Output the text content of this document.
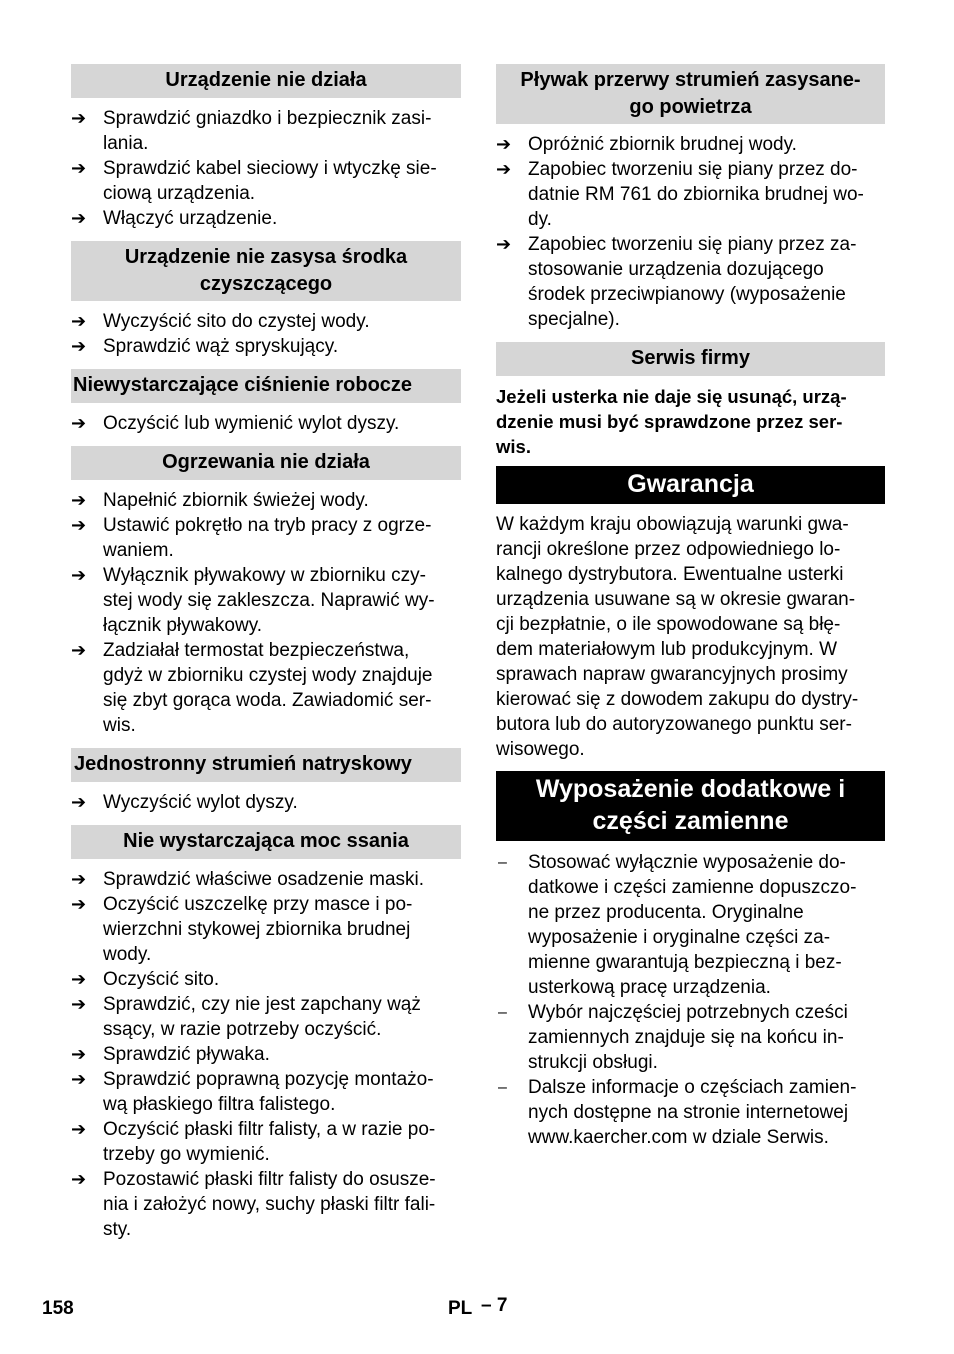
Urządzenie nie działa
➔ Sprawdzić gniazdko i bezpiecznik zasi-
lania.
➔ Sprawdzić kabel sieciowy i wtyczkę sie-
ciową urządzenia.
➔ Włączyć urządzenie.
Urządzenie nie zasysa środka
czyszczącego
➔ Wyczyścić sito do czystej wody.
➔ Sprawdzić wąż spryskujący.
Niewystarczające ciśnienie robocze
➔ Oczyścić lub wymienić wylot dyszy.
Ogrzewania nie działa
➔ Napełnić zbiornik świeżej wody.
➔ Ustawić pokrętło na tryb pracy z ogrze-
waniem.
➔ Wyłącznik pływakowy w zbiorniku czy-
stej wody się zakleszcza. Naprawić wy-
łącznik pływakowy.
➔ Zadziałał termostat bezpieczeństwa,
gdyż w zbiorniku czystej wody znajduje
się zbyt gorąca woda. Zawiadomić ser-
wis.
Jednostronny strumień natryskowy
➔ Wyczyścić wylot dyszy.
Nie wystarczająca moc ssania
➔ Sprawdzić właściwe osadzenie maski.
➔ Oczyścić uszczelkę przy masce i po-
wierzchni stykowej zbiornika brudnej
wody.
➔ Oczyścić sito.
➔ Sprawdzić, czy nie jest zapchany wąż
ssący, w razie potrzeby oczyścić.
➔ Sprawdzić pływaka.
➔ Sprawdzić poprawną pozycję montażo-
wą płaskiego filtra falistego.
➔ Oczyścić płaski filtr falisty, a w razie po-
trzeby go wymienić.
➔ Pozostawić płaski filtr falisty do osusze-
nia i założyć nowy, suchy płaski filtr fali-
sty.
Pływak przerwy strumień zasysane-
go powietrza
➔ Opróżnić zbiornik brudnej wody.
➔ Zapobiec tworzeniu się piany przez do-
datnie RM 761 do zbiornika brudnej wo-
dy.
➔ Zapobiec tworzeniu się piany przez za-
stosowanie urządzenia dozującego
środek przeciwpianowy (wyposażenie
specjalne).
Serwis firmy
Jeżeli usterka nie daje się usunąć, urzą-
dzenie musi być sprawdzone przez ser-
wis.
Gwarancja
W każdym kraju obowiązują warunki gwa-
rancji określone przez odpowiedniego lo-
kalnego dystrybutora. Ewentualne usterki
urządzenia usuwane są w okresie gwaran-
cji bezpłatnie, o ile spowodowane są błę-
dem materiałowym lub produkcyjnym. W
sprawach napraw gwarancyjnych prosimy
kierować się z dowodem zakupu do dystry-
butora lub do autoryzowanego punktu ser-
wisowego.
Wyposażenie dodatkowe i
części zamienne
–	Stosować wyłącznie wyposażenie do-
datkowe i części zamienne dopuszczo-
ne przez producenta. Oryginalne
wyposażenie i oryginalne części za-
mienne gwarantują bezpieczną i bez-
usterkową pracę urządzenia.
–	Wybór najczęściej potrzebnych cześci
zamiennych znajduje się na końcu in-
strukcji obsługi.
–	Dalsze informacje o częściach zamien-
nych dostępne na stronie internetowej
www.kaercher.com w dziale Serwis.
158	PL – 7
